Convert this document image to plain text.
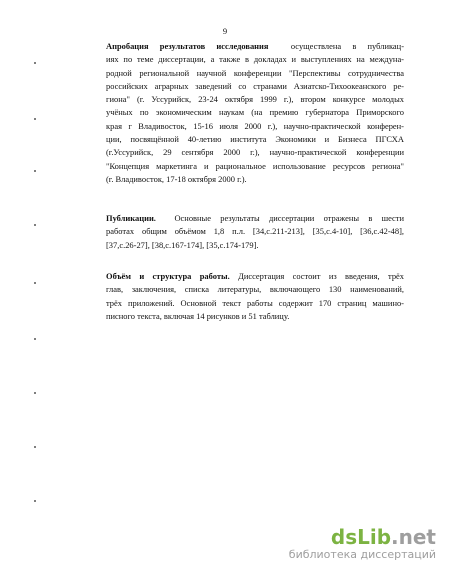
9
Апробация результатов исследования	осуществлена в публикац-
иях по теме диссертации, а также в докладах и выступлениях на междуна-
родной региональной научной конференции "Перспективы сотрудничества
российских аграрных заведений со странами Азиатско-Тихоокеанского ре-
гиона" (г. Уссурийск, 23-24 октября 1999 г.), втором конкурсе молодых
учёных по экономическим наукам (на премию губернатора Приморского
края г Владивосток, 15-16 июля 2000 г.), научно-практической конферен-
ции, посвящённой 40-летию института Экономики и Бизнеса ПГСХА
(г.Уссурийск, 29 сентября 2000 г.), научно-практической конференции
"Концепция маркетинга и рациональное использование ресурсов региона"
(г. Владивосток, 17-18 октября 2000 г.).
Публикации. Основные результаты диссертации отражены в шести
работах общим объёмом 1,8 п.л. [34,с.211-213], [35,с.4-10], [36,с.42-48],
[37,с.26-27], [38,с.167-174], [35,с.174-179].
Объём и структура работы. Диссертация состоит из введения, трёх
глав, заключения, списка литературы, включающего 130 наименований,
трёх приложений. Основной текст работы содержит 170 страниц машино-
писного текста, включая 14 рисунков и 51 таблицу.
dsLib.net
библиотека диссертаций
